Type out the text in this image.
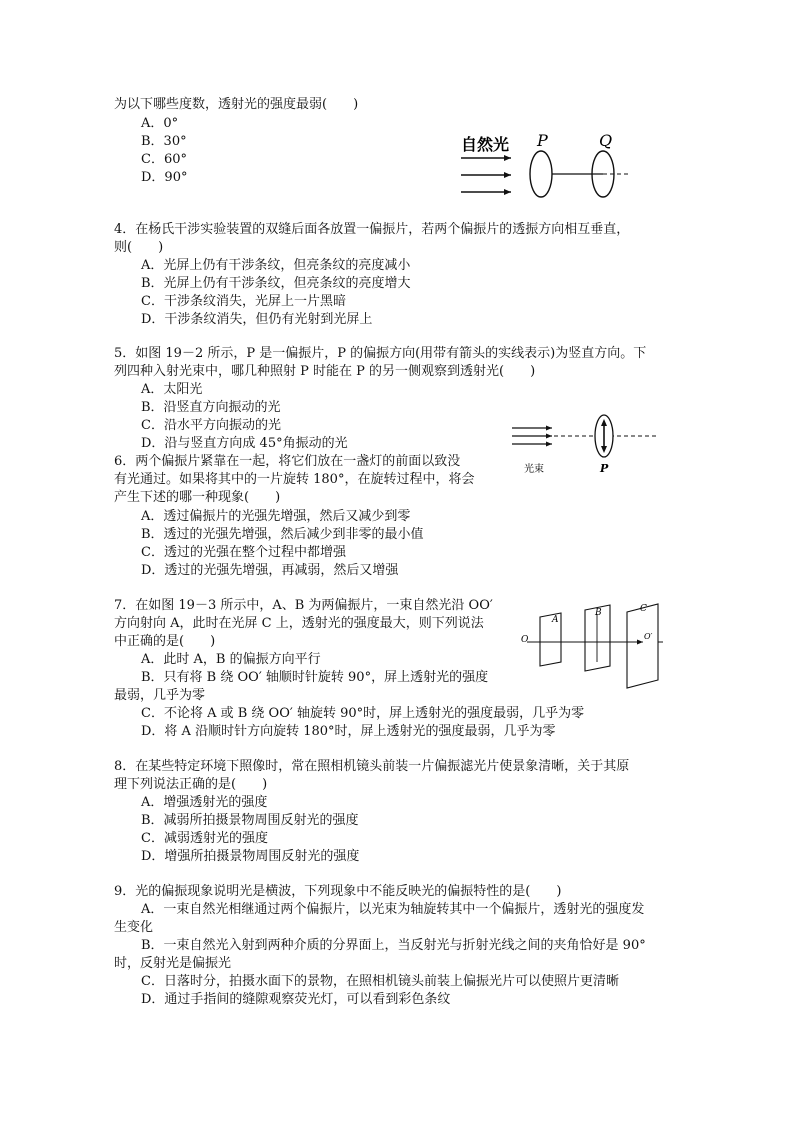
为以下哪些度数，透射光的强度最弱(　　)
A．0°
B．30°
C．60°
D．90°
自然光 P	Q
4．在杨氏干涉实验装置的双缝后面各放置一偏振片，若两个偏振片的透振方向相互垂直，
则(　　)
A．光屏上仍有干涉条纹，但亮条纹的亮度减小
B．光屏上仍有干涉条纹，但亮条纹的亮度增大
C．干涉条纹消失，光屏上一片黑暗
D．干涉条纹消失，但仍有光射到光屏上
5．如图 19－2 所示，P 是一偏振片，P 的偏振方向(用带有箭头的实线表示)为竖直方向。下
列四种入射光束中，哪几种照射 P 时能在 P 的另一侧观察到透射光(　　)
A．太阳光
B．沿竖直方向振动的光
C．沿水平方向振动的光
D．沿与竖直方向成 45°角振动的光
光束	P
6．两个偏振片紧靠在一起，将它们放在一盏灯的前面以致没
有光通过。如果将其中的一片旋转 180°，在旋转过程中，将会
产生下述的哪一种现象(　　)
A．透过偏振片的光强先增强，然后又减少到零
B．透过的光强先增强，然后减少到非零的最小值
C．透过的光强在整个过程中都增强
D．透过的光强先增强，再减弱，然后又增强
7．在如图 19－3 所示中，A、B 为两偏振片，一束自然光沿 OO′
方向射向 A，此时在光屏 C 上，透射光的强度最大，则下列说法
中正确的是(　　)
A．此时 A，B 的偏振方向平行
B．只有将 B 绕 OO′ 轴顺时针旋转 90°，屏上透射光的强度
最弱，几乎为零
C．不论将 A 或 B 绕 OO′ 轴旋转 90°时，屏上透射光的强度最弱，几乎为零
D．将 A 沿顺时针方向旋转 180°时，屏上透射光的强度最弱，几乎为零
O
A
B	C
O′
8．在某些特定环境下照像时，常在照相机镜头前装一片偏振滤光片使景象清晰，关于其原
理下列说法正确的是(　　)
A．增强透射光的强度
B．减弱所拍摄景物周围反射光的强度
C．减弱透射光的强度
D．增强所拍摄景物周围反射光的强度
9．光的偏振现象说明光是横波，下列现象中不能反映光的偏振特性的是(　　)
A．一束自然光相继通过两个偏振片，以光束为轴旋转其中一个偏振片，透射光的强度发
生变化
B．一束自然光入射到两种介质的分界面上，当反射光与折射光线之间的夹角恰好是 90°
时，反射光是偏振光
C．日落时分，拍摄水面下的景物，在照相机镜头前装上偏振光片可以使照片更清晰
D．通过手指间的缝隙观察荧光灯，可以看到彩色条纹
